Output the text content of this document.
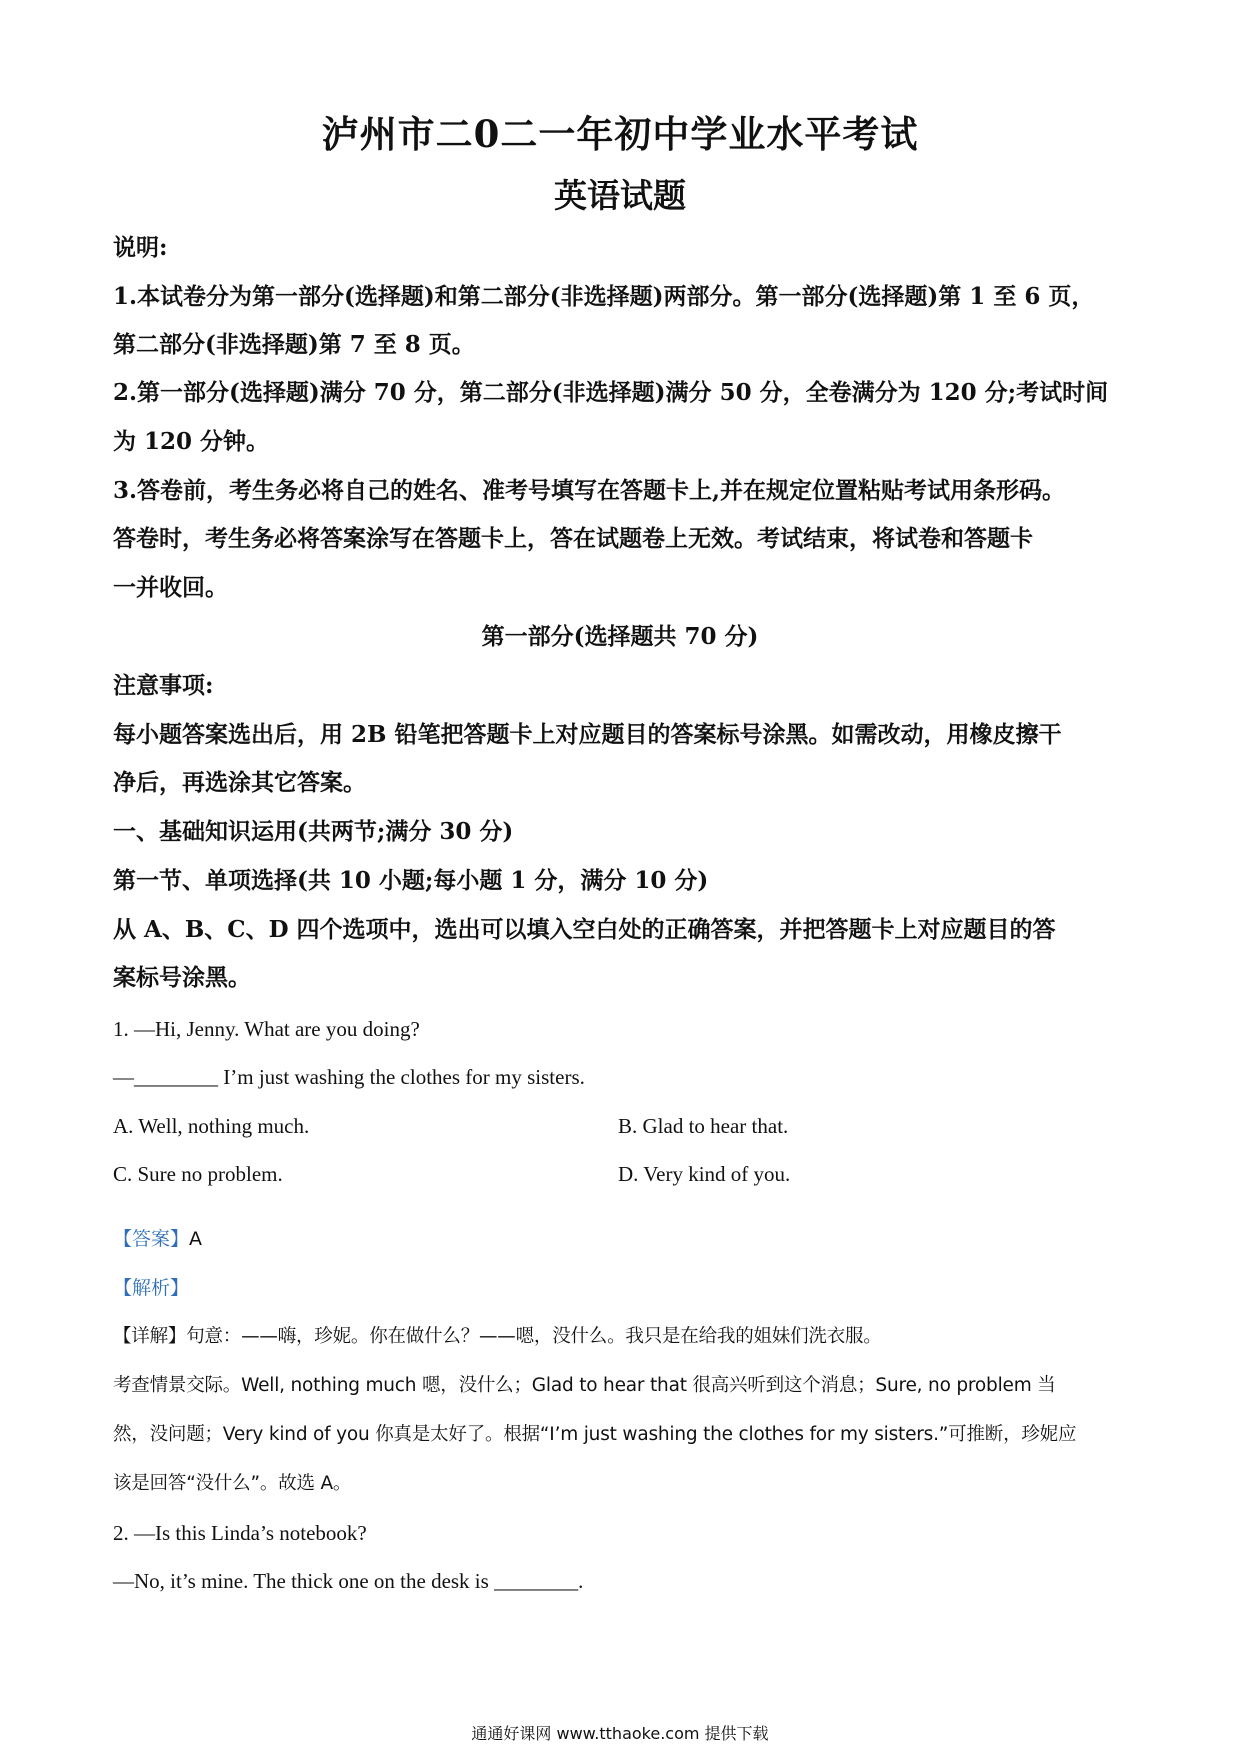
泸州市二0二一年初中学业水平考试
英语试题
说明:
1.本试卷分为第一部分(选择题)和第二部分(非选择题)两部分。第一部分(选择题)第 1 至 6 页，
第二部分(非选择题)第 7 至 8 页。
2.第一部分(选择题)满分 70 分，第二部分(非选择题)满分 50 分，全卷满分为 120 分;考试时间
为 120 分钟。
3.答卷前，考生务必将自己的姓名、准考号填写在答题卡上,并在规定位置粘贴考试用条形码。
答卷时，考生务必将答案涂写在答题卡上，答在试题卷上无效。考试结束，将试卷和答题卡
一并收回。
第一部分(选择题共 70 分)
注意事项:
每小题答案选出后，用 2B 铅笔把答题卡上对应题目的答案标号涂黑。如需改动，用橡皮擦干
净后，再选涂其它答案。
一、基础知识运用(共两节;满分 30 分)
第一节、单项选择(共 10 小题;每小题 1 分，满分 10 分)
从 A、B、C、D 四个选项中，选出可以填入空白处的正确答案，并把答题卡上对应题目的答
案标号涂黑。
1. —Hi, Jenny. What are you doing?
—________ I’m just washing the clothes for my sisters.
A. Well, nothing much.	B. Glad to hear that.
C. Sure no problem.	D. Very kind of you.
【答案】A
【解析】
【详解】句意：——嗨，珍妮。你在做什么？——嗯，没什么。我只是在给我的姐妹们洗衣服。
考查情景交际。Well, nothing much 嗯，没什么；Glad to hear that 很高兴听到这个消息；Sure, no problem 当
然，没问题；Very kind of you 你真是太好了。根据“I’m just washing the clothes for my sisters.”可推断，珍妮应
该是回答“没什么”。故选 A。
2. —Is this Linda’s notebook?
—No, it’s mine. The thick one on the desk is ________.
通通好课网 www.tthaoke.com 提供下载
